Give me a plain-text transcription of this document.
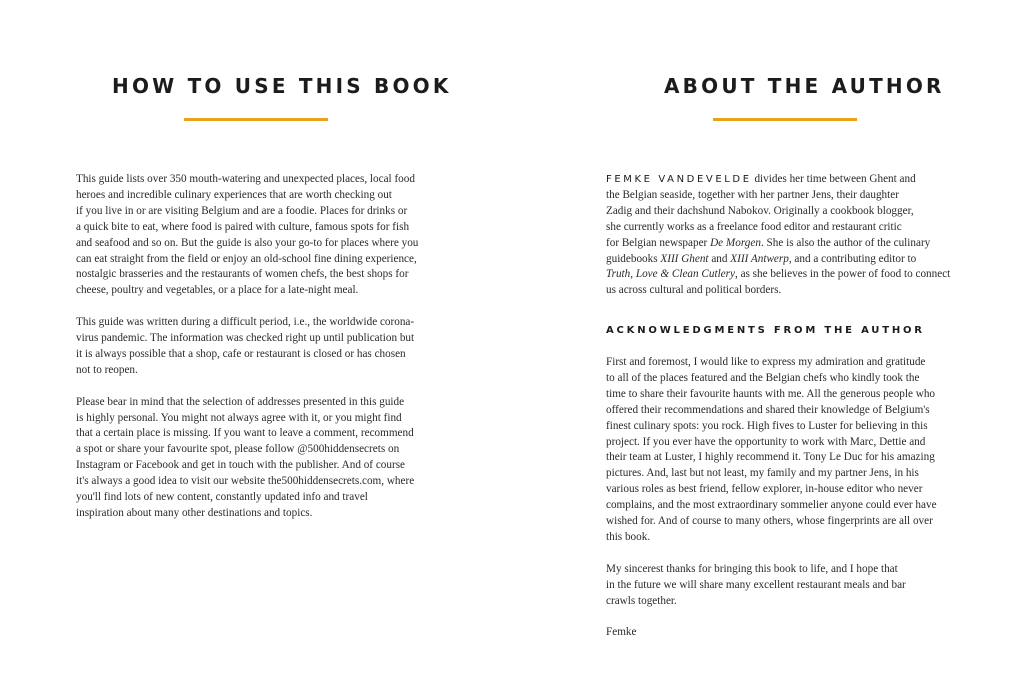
HOW TO USE THIS BOOK
This guide lists over 350 mouth-watering and unexpected places, local food
heroes and incredible culinary experiences that are worth checking out
if you live in or are visiting Belgium and are a foodie. Places for drinks or
a quick bite to eat, where food is paired with culture, famous spots for fish
and seafood and so on. But the guide is also your go-to for places where you
can eat straight from the field or enjoy an old-school fine dining experience,
nostalgic brasseries and the restaurants of women chefs, the best shops for
cheese, poultry and vegetables, or a place for a late-night meal.
This guide was written during a difficult period, i.e., the worldwide corona-
virus pandemic. The information was checked right up until publication but
it is always possible that a shop, cafe or restaurant is closed or has chosen
not to reopen.
Please bear in mind that the selection of addresses presented in this guide
is highly personal. You might not always agree with it, or you might find
that a certain place is missing. If you want to leave a comment, recommend
a spot or share your favourite spot, please follow @500hiddensecrets on
Instagram or Facebook and get in touch with the publisher. And of course
it's always a good idea to visit our website the500hiddensecrets.com, where
you'll find lots of new content, constantly updated info and travel
inspiration about many other destinations and topics.
ABOUT THE AUTHOR
FEMKE VANDEVELDE divides her time between Ghent and
the Belgian seaside, together with her partner Jens, their daughter
Zadig and their dachshund Nabokov. Originally a cookbook blogger,
she currently works as a freelance food editor and restaurant critic
for Belgian newspaper De Morgen. She is also the author of the culinary
guidebooks XIII Ghent and XIII Antwerp, and a contributing editor to
Truth, Love & Clean Cutlery, as she believes in the power of food to connect
us across cultural and political borders.
ACKNOWLEDGMENTS FROM THE AUTHOR
First and foremost, I would like to express my admiration and gratitude
to all of the places featured and the Belgian chefs who kindly took the
time to share their favourite haunts with me. All the generous people who
offered their recommendations and shared their knowledge of Belgium's
finest culinary spots: you rock. High fives to Luster for believing in this
project. If you ever have the opportunity to work with Marc, Dettie and
their team at Luster, I highly recommend it. Tony Le Duc for his amazing
pictures. And, last but not least, my family and my partner Jens, in his
various roles as best friend, fellow explorer, in-house editor who never
complains, and the most extraordinary sommelier anyone could ever have
wished for. And of course to many others, whose fingerprints are all over
this book.
My sincerest thanks for bringing this book to life, and I hope that
in the future we will share many excellent restaurant meals and bar
crawls together.
Femke
